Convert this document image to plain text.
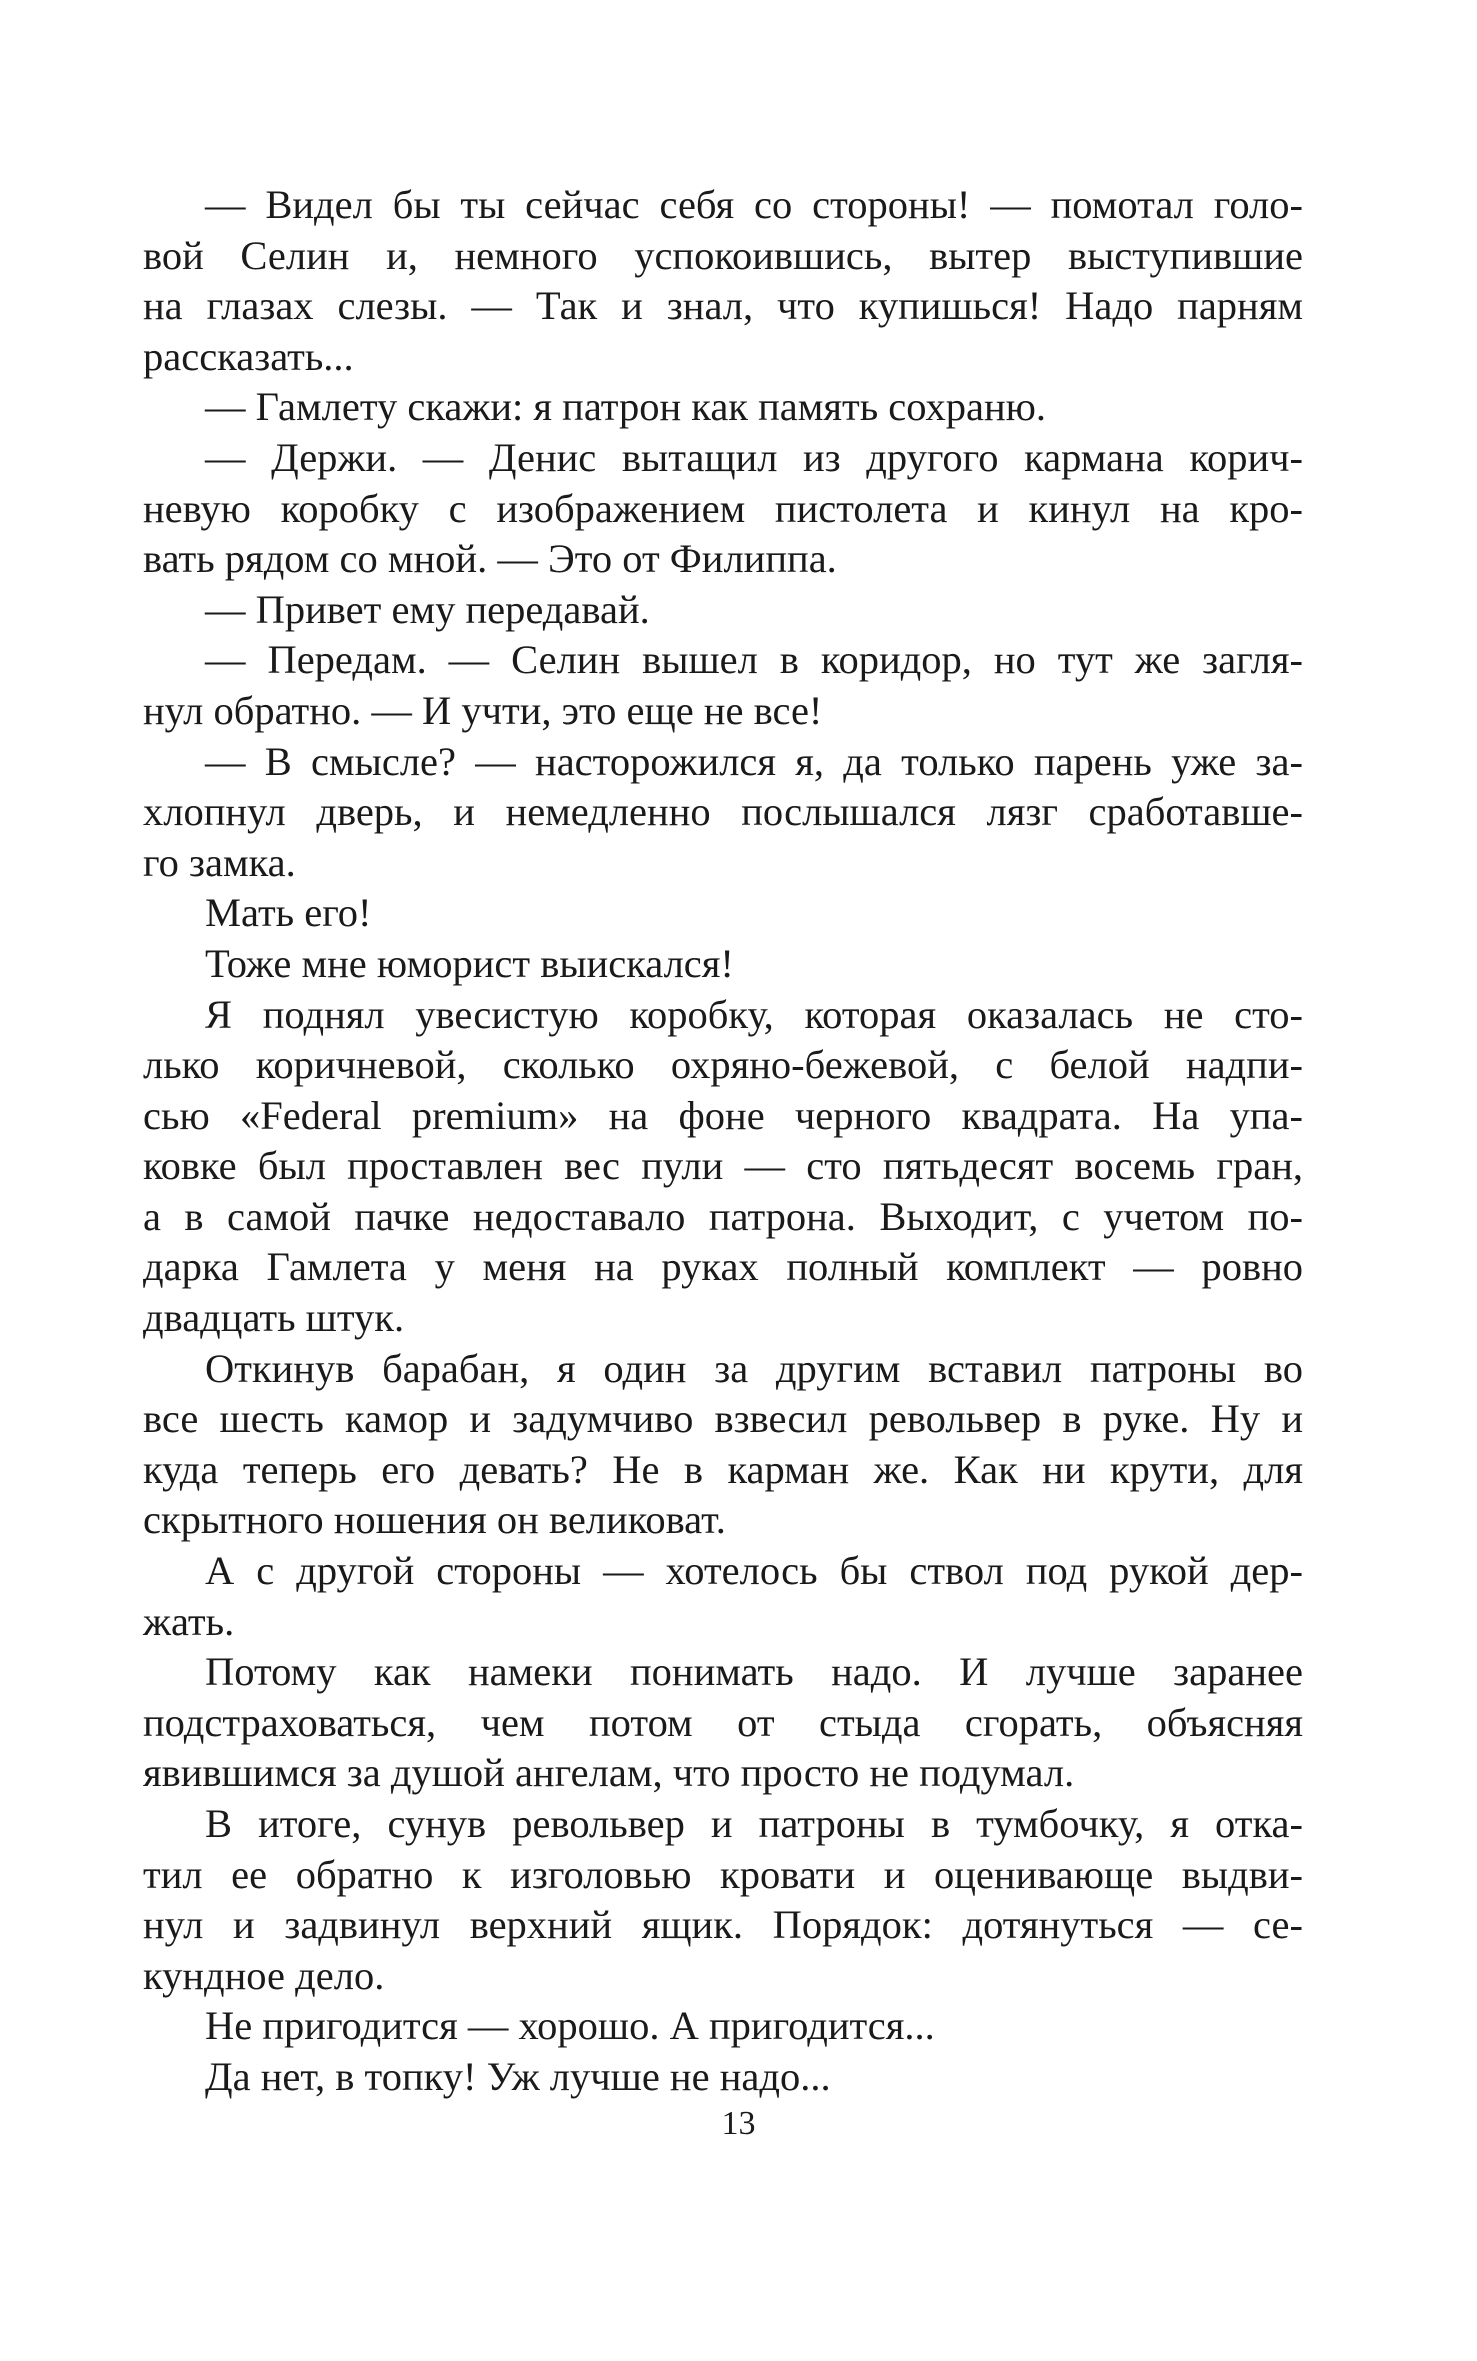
— Видел бы ты сейчас себя со стороны! — помотал голо-
вой Селин и, немного успокоившись, вытер выступившие
на глазах слезы. — Так и знал, что купишься! Надо парням
рассказать...
— Гамлету скажи: я патрон как память сохраню.
— Держи. — Денис вытащил из другого кармана корич-
невую коробку с изображением пистолета и кинул на кро-
вать рядом со мной. — Это от Филиппа.
— Привет ему передавай.
— Передам. — Селин вышел в коридор, но тут же загля-
нул обратно. — И учти, это еще не все!
— В смысле? — насторожился я, да только парень уже за-
хлопнул дверь, и немедленно послышался лязг сработавше-
го замка.
Мать его!
Тоже мне юморист выискался!
Я поднял увесистую коробку, которая оказалась не сто-
лько коричневой, сколько охряно-бежевой, с белой надпи-
сью «Federal premium» на фоне черного квадрата. На упа-
ковке был проставлен вес пули — сто пятьдесят восемь гран,
а в самой пачке недоставало патрона. Выходит, с учетом по-
дарка Гамлета у меня на руках полный комплект — ровно
двадцать штук.
Откинув барабан, я один за другим вставил патроны во
все шесть камор и задумчиво взвесил револьвер в руке. Ну и
куда теперь его девать? Не в карман же. Как ни крути, для
скрытного ношения он великоват.
А с другой стороны — хотелось бы ствол под рукой дер-
жать.
Потому как намеки понимать надо. И лучше заранее
подстраховаться, чем потом от стыда сгорать, объясняя
явившимся за душой ангелам, что просто не подумал.
В итоге, сунув револьвер и патроны в тумбочку, я отка-
тил ее обратно к изголовью кровати и оценивающе выдви-
нул и задвинул верхний ящик. Порядок: дотянуться — се-
кундное дело.
Не пригодится — хорошо. А пригодится...
Да нет, в топку! Уж лучше не надо...
13
